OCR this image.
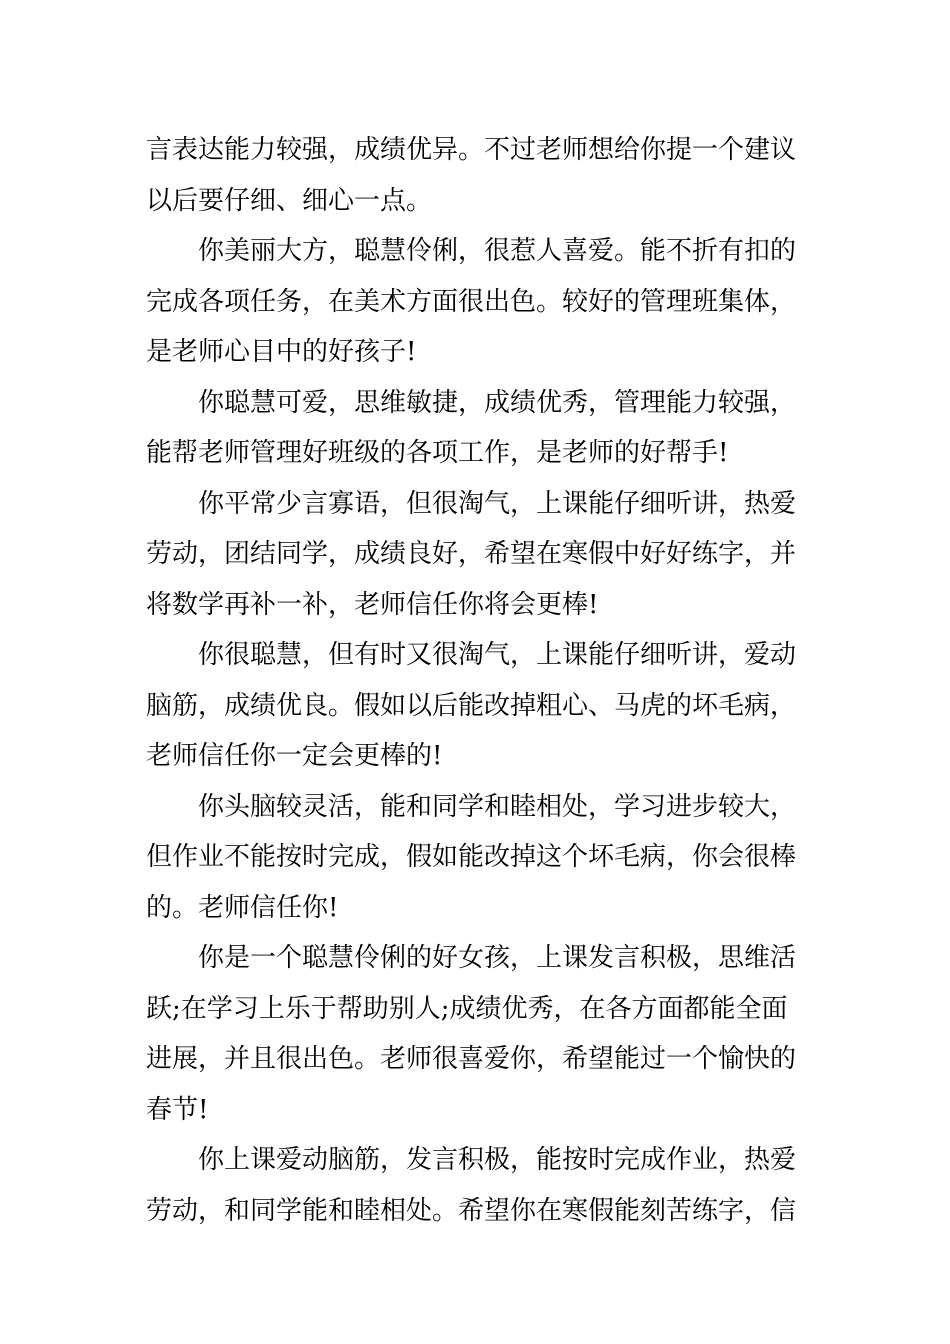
言表达能力较强，成绩优异。不过老师想给你提一个建议
以后要仔细、细心一点。
你美丽大方，聪慧伶俐，很惹人喜爱。能不折有扣的
完成各项任务，在美术方面很出色。较好的管理班集体，
是老师心目中的好孩子!
你聪慧可爱，思维敏捷，成绩优秀，管理能力较强，
能帮老师管理好班级的各项工作，是老师的好帮手!
你平常少言寡语，但很淘气，上课能仔细听讲，热爱
劳动，团结同学，成绩良好，希望在寒假中好好练字，并
将数学再补一补，老师信任你将会更棒!
你很聪慧，但有时又很淘气，上课能仔细听讲，爱动
脑筋，成绩优良。假如以后能改掉粗心、马虎的坏毛病，
老师信任你一定会更棒的!
你头脑较灵活，能和同学和睦相处，学习进步较大，
但作业不能按时完成，假如能改掉这个坏毛病，你会很棒
的。老师信任你!
你是一个聪慧伶俐的好女孩，上课发言积极，思维活
跃;在学习上乐于帮助别人;成绩优秀，在各方面都能全面
进展，并且很出色。老师很喜爱你，希望能过一个愉快的
春节!
你上课爱动脑筋，发言积极，能按时完成作业，热爱
劳动，和同学能和睦相处。希望你在寒假能刻苦练字，信
